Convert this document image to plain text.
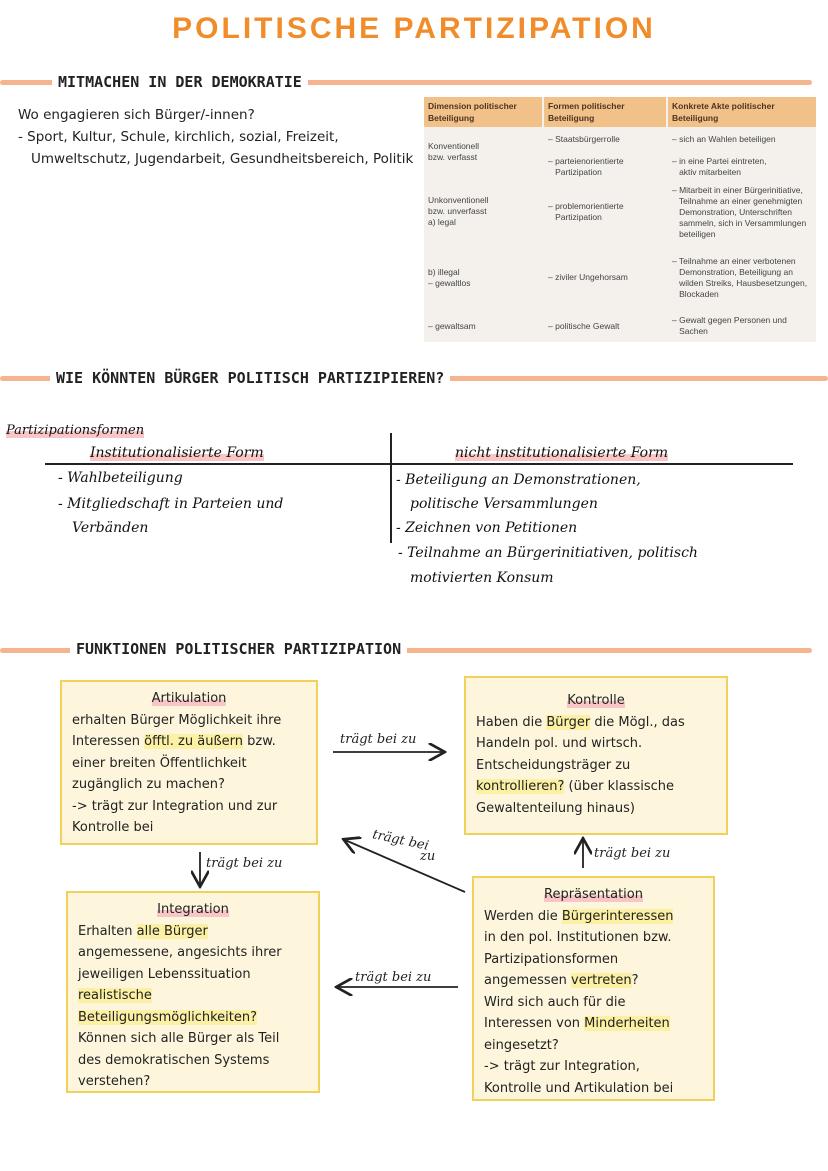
POLITISCHE PARTIZIPATION
MITMACHEN IN DER DEMOKRATIE
Wo engagieren sich Bürger/-innen?
- Sport, Kultur, Schule, kirchlich, sozial, Freizeit,
Umweltschutz, Jugendarbeit, Gesundheitsbereich, Politik
Dimension politischer Beteiligung
Formen politischer Beteiligung
Konkrete Akte politischer Beteiligung
Konventionell
bzw. verfasst
– Staatsbürgerrolle

– parteienorientierte
Partizipation
– sich an Wahlen beteiligen

– in eine Partei eintreten,
aktiv mitarbeiten
Unkonventionell
bzw. unverfasst
a) legal
– problemorientierte
Partizipation
– Mitarbeit in einer Bürgerinitiative,
Teilnahme an einer genehmigten
Demonstration, Unterschriften
sammeln, sich in Versammlungen
beteiligen
b) illegal
– gewaltlos
– ziviler Ungehorsam
– Teilnahme an einer verbotenen
Demonstration, Beteiligung an
wilden Streiks, Hausbesetzungen,
Blockaden
– gewaltsam	– politische Gewalt
– Gewalt gegen Personen und
Sachen
WIE KÖNNTEN BÜRGER POLITISCH PARTIZIPIEREN?
Partizipationsformen
Institutionalisierte Form	nicht institutionalisierte Form
- Wahlbeteiligung
- Mitgliedschaft in Parteien und
Verbänden
- Beteiligung an Demonstrationen,
politische Versammlungen
- Zeichnen von Petitionen
- Teilnahme an Bürgerinitiativen, politisch
motivierten Konsum
FUNKTIONEN POLITISCHER PARTIZIPATION
Artikulation
erhalten Bürger Möglichkeit ihre
Interessen öfftl. zu äußern bzw.
einer breiten Öffentlichkeit
zugänglich zu machen?
-> trägt zur Integration und zur
Kontrolle bei
Kontrolle
Haben die Bürger die Mögl., das
Handeln pol. und wirtsch.
Entscheidungsträger zu
kontrollieren? (über klassische
Gewaltenteilung hinaus)
Integration
Erhalten alle Bürger
angemessene, angesichts ihrer
jeweiligen Lebenssituation
realistische
Beteiligungsmöglichkeiten?
Können sich alle Bürger als Teil
des demokratischen Systems
verstehen?
Repräsentation
Werden die Bürgerinteressen
in den pol. Institutionen bzw.
Partizipationsformen
angemessen vertreten?
Wird sich auch für die
Interessen von Minderheiten
eingesetzt?
-> trägt zur Integration,
Kontrolle und Artikulation bei
trägt bei zu
trägt bei zu
trägt bei zu
trägt bei zu
trägt bei
zu
